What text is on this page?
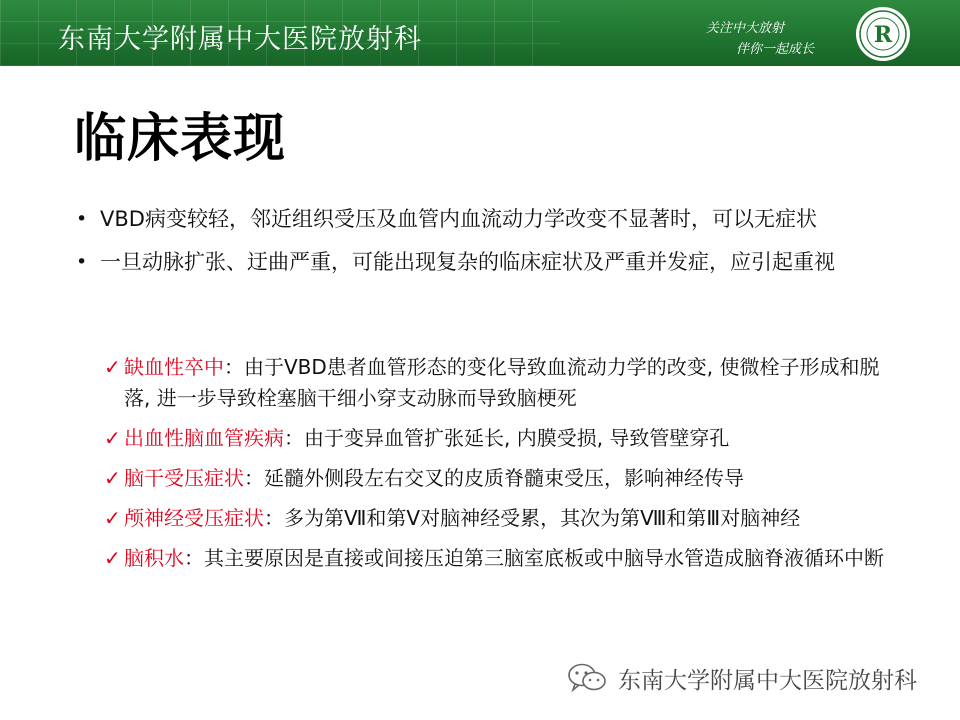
东南大学附属中大医院放射科	关注中大放射
伴你一起成长
R
临床表现
• VBD病变较轻，邻近组织受压及血管内血流动力学改变不显著时，可以无症状
• 一旦动脉扩张、迂曲严重，可能出现复杂的临床症状及严重并发症，应引起重视
✓ 缺血性卒中：由于VBD患者血管形态的变化导致血流动力学的改变, 使微栓子形成和脱落, 进一步导致栓塞脑干细小穿支动脉而导致脑梗死
✓ 出血性脑血管疾病：由于变异血管扩张延长, 内膜受损, 导致管壁穿孔
✓ 脑干受压症状：延髓外侧段左右交叉的皮质脊髓束受压，影响神经传导
✓ 颅神经受压症状：多为第Ⅶ和第Ⅴ对脑神经受累，其次为第Ⅷ和第Ⅲ对脑神经
✓ 脑积水：其主要原因是直接或间接压迫第三脑室底板或中脑导水管造成脑脊液循环中断
东南大学附属中大医院放射科
